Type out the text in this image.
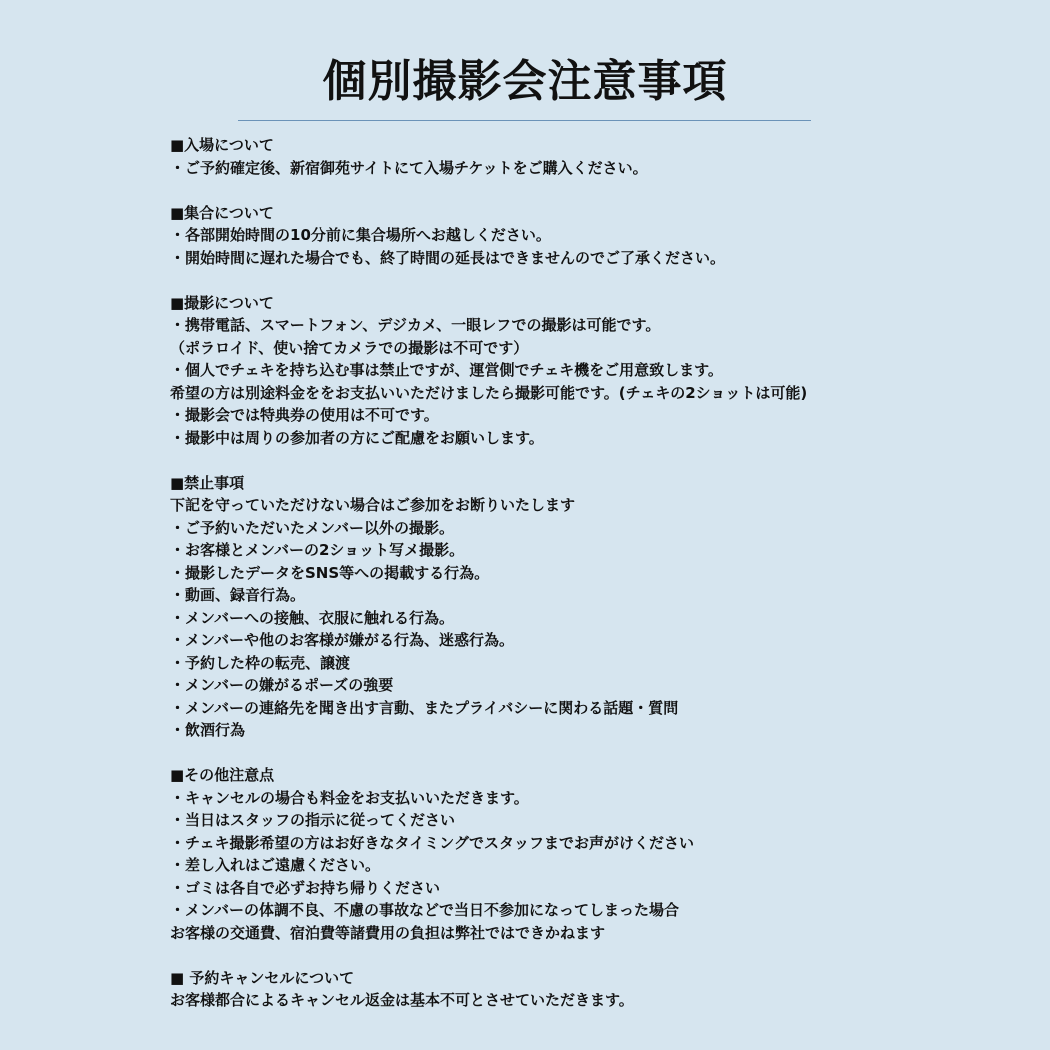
個別撮影会注意事項
■入場について
・ご予約確定後、新宿御苑サイトにて入場チケットをご購入ください。
■集合について
・各部開始時間の10分前に集合場所へお越しください。
・開始時間に遅れた場合でも、終了時間の延長はできませんのでご了承ください。
■撮影について
・携帯電話、スマートフォン、デジカメ、一眼レフでの撮影は可能です。
（ポラロイド、使い捨てカメラでの撮影は不可です）
・個人でチェキを持ち込む事は禁止ですが、運営側でチェキ機をご用意致します。
希望の方は別途料金ををお支払いいただけましたら撮影可能です。(チェキの2ショットは可能)
・撮影会では特典券の使用は不可です。
・撮影中は周りの参加者の方にご配慮をお願いします。
■禁止事項
下記を守っていただけない場合はご参加をお断りいたします
・ご予約いただいたメンバー以外の撮影。
・お客様とメンバーの2ショット写メ撮影。
・撮影したデータをSNS等への掲載する行為。
・動画、録音行為。
・メンバーへの接触、衣服に触れる行為。
・メンバーや他のお客様が嫌がる行為、迷惑行為。
・予約した枠の転売、譲渡
・メンバーの嫌がるポーズの強要
・メンバーの連絡先を聞き出す言動、またプライバシーに関わる話題・質問
・飲酒行為
■その他注意点
・キャンセルの場合も料金をお支払いいただきます。
・当日はスタッフの指示に従ってください
・チェキ撮影希望の方はお好きなタイミングでスタッフまでお声がけください
・差し入れはご遠慮ください。
・ゴミは各自で必ずお持ち帰りください
・メンバーの体調不良、不慮の事故などで当日不参加になってしまった場合
お客様の交通費、宿泊費等諸費用の負担は弊社ではできかねます
■ 予約キャンセルについて
お客様都合によるキャンセル返金は基本不可とさせていただきます。
